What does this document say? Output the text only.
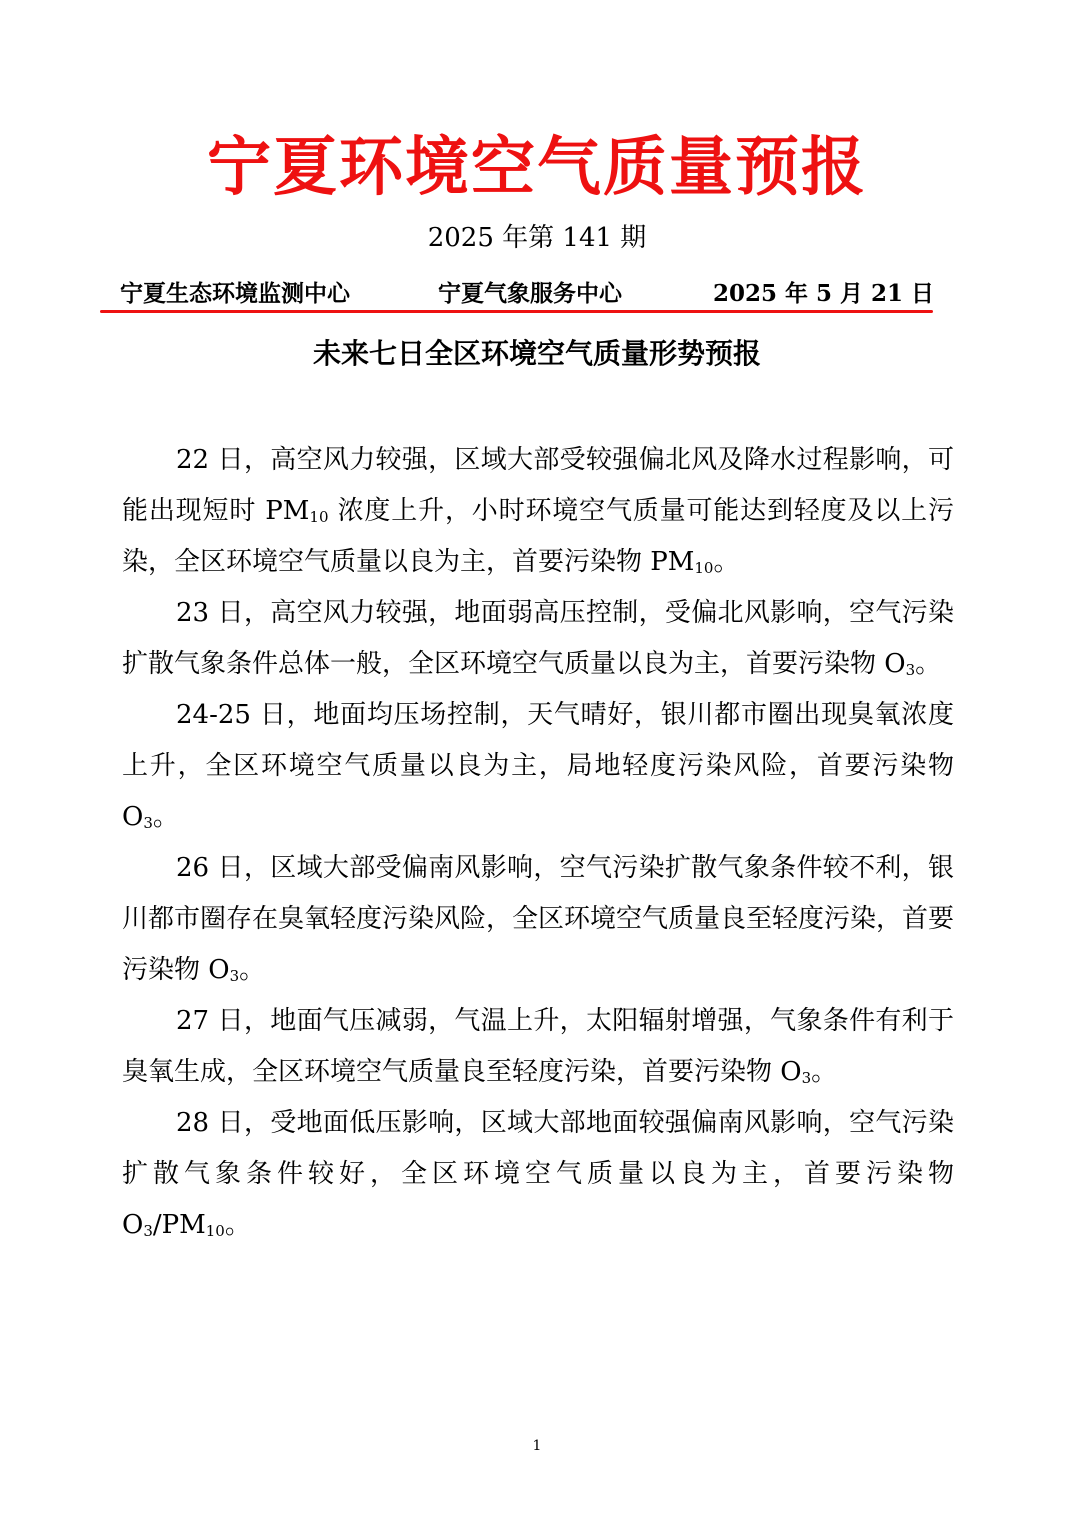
宁夏环境空气质量预报
2025 年第 141 期
宁夏生态环境监测中心	宁夏气象服务中心	2025 年 5 月 21 日
未来七日全区环境空气质量形势预报

22 日，高空风力较强，区域大部受较强偏北风及降水过程影响，可能出现短时 $PM_{10}$ 浓度上升，小时环境空气质量可能达到轻度及以上污染，全区环境空气质量以良为主，首要污染物 $PM_{10}$。

23 日，高空风力较强，地面弱高压控制，受偏北风影响，空气污染扩散气象条件总体一般，全区环境空气质量以良为主，首要污染物 $O_3$。

24-25 日，地面均压场控制，天气晴好，银川都市圈出现臭氧浓度上升，全区环境空气质量以良为主，局地轻度污染风险，首要污染物 $O_3$。

26 日，区域大部受偏南风影响，空气污染扩散气象条件较不利，银川都市圈存在臭氧轻度污染风险，全区环境空气质量良至轻度污染，首要污染物 $O_3$。

27 日，地面气压减弱，气温上升，太阳辐射增强，气象条件有利于臭氧生成，全区环境空气质量良至轻度污染，首要污染物 $O_3$。

28 日，受地面低压影响，区域大部地面较强偏南风影响，空气污染扩散气象条件较好，全区环境空气质量以良为主，首要污染物 $O_3/PM_{10}$。

1
